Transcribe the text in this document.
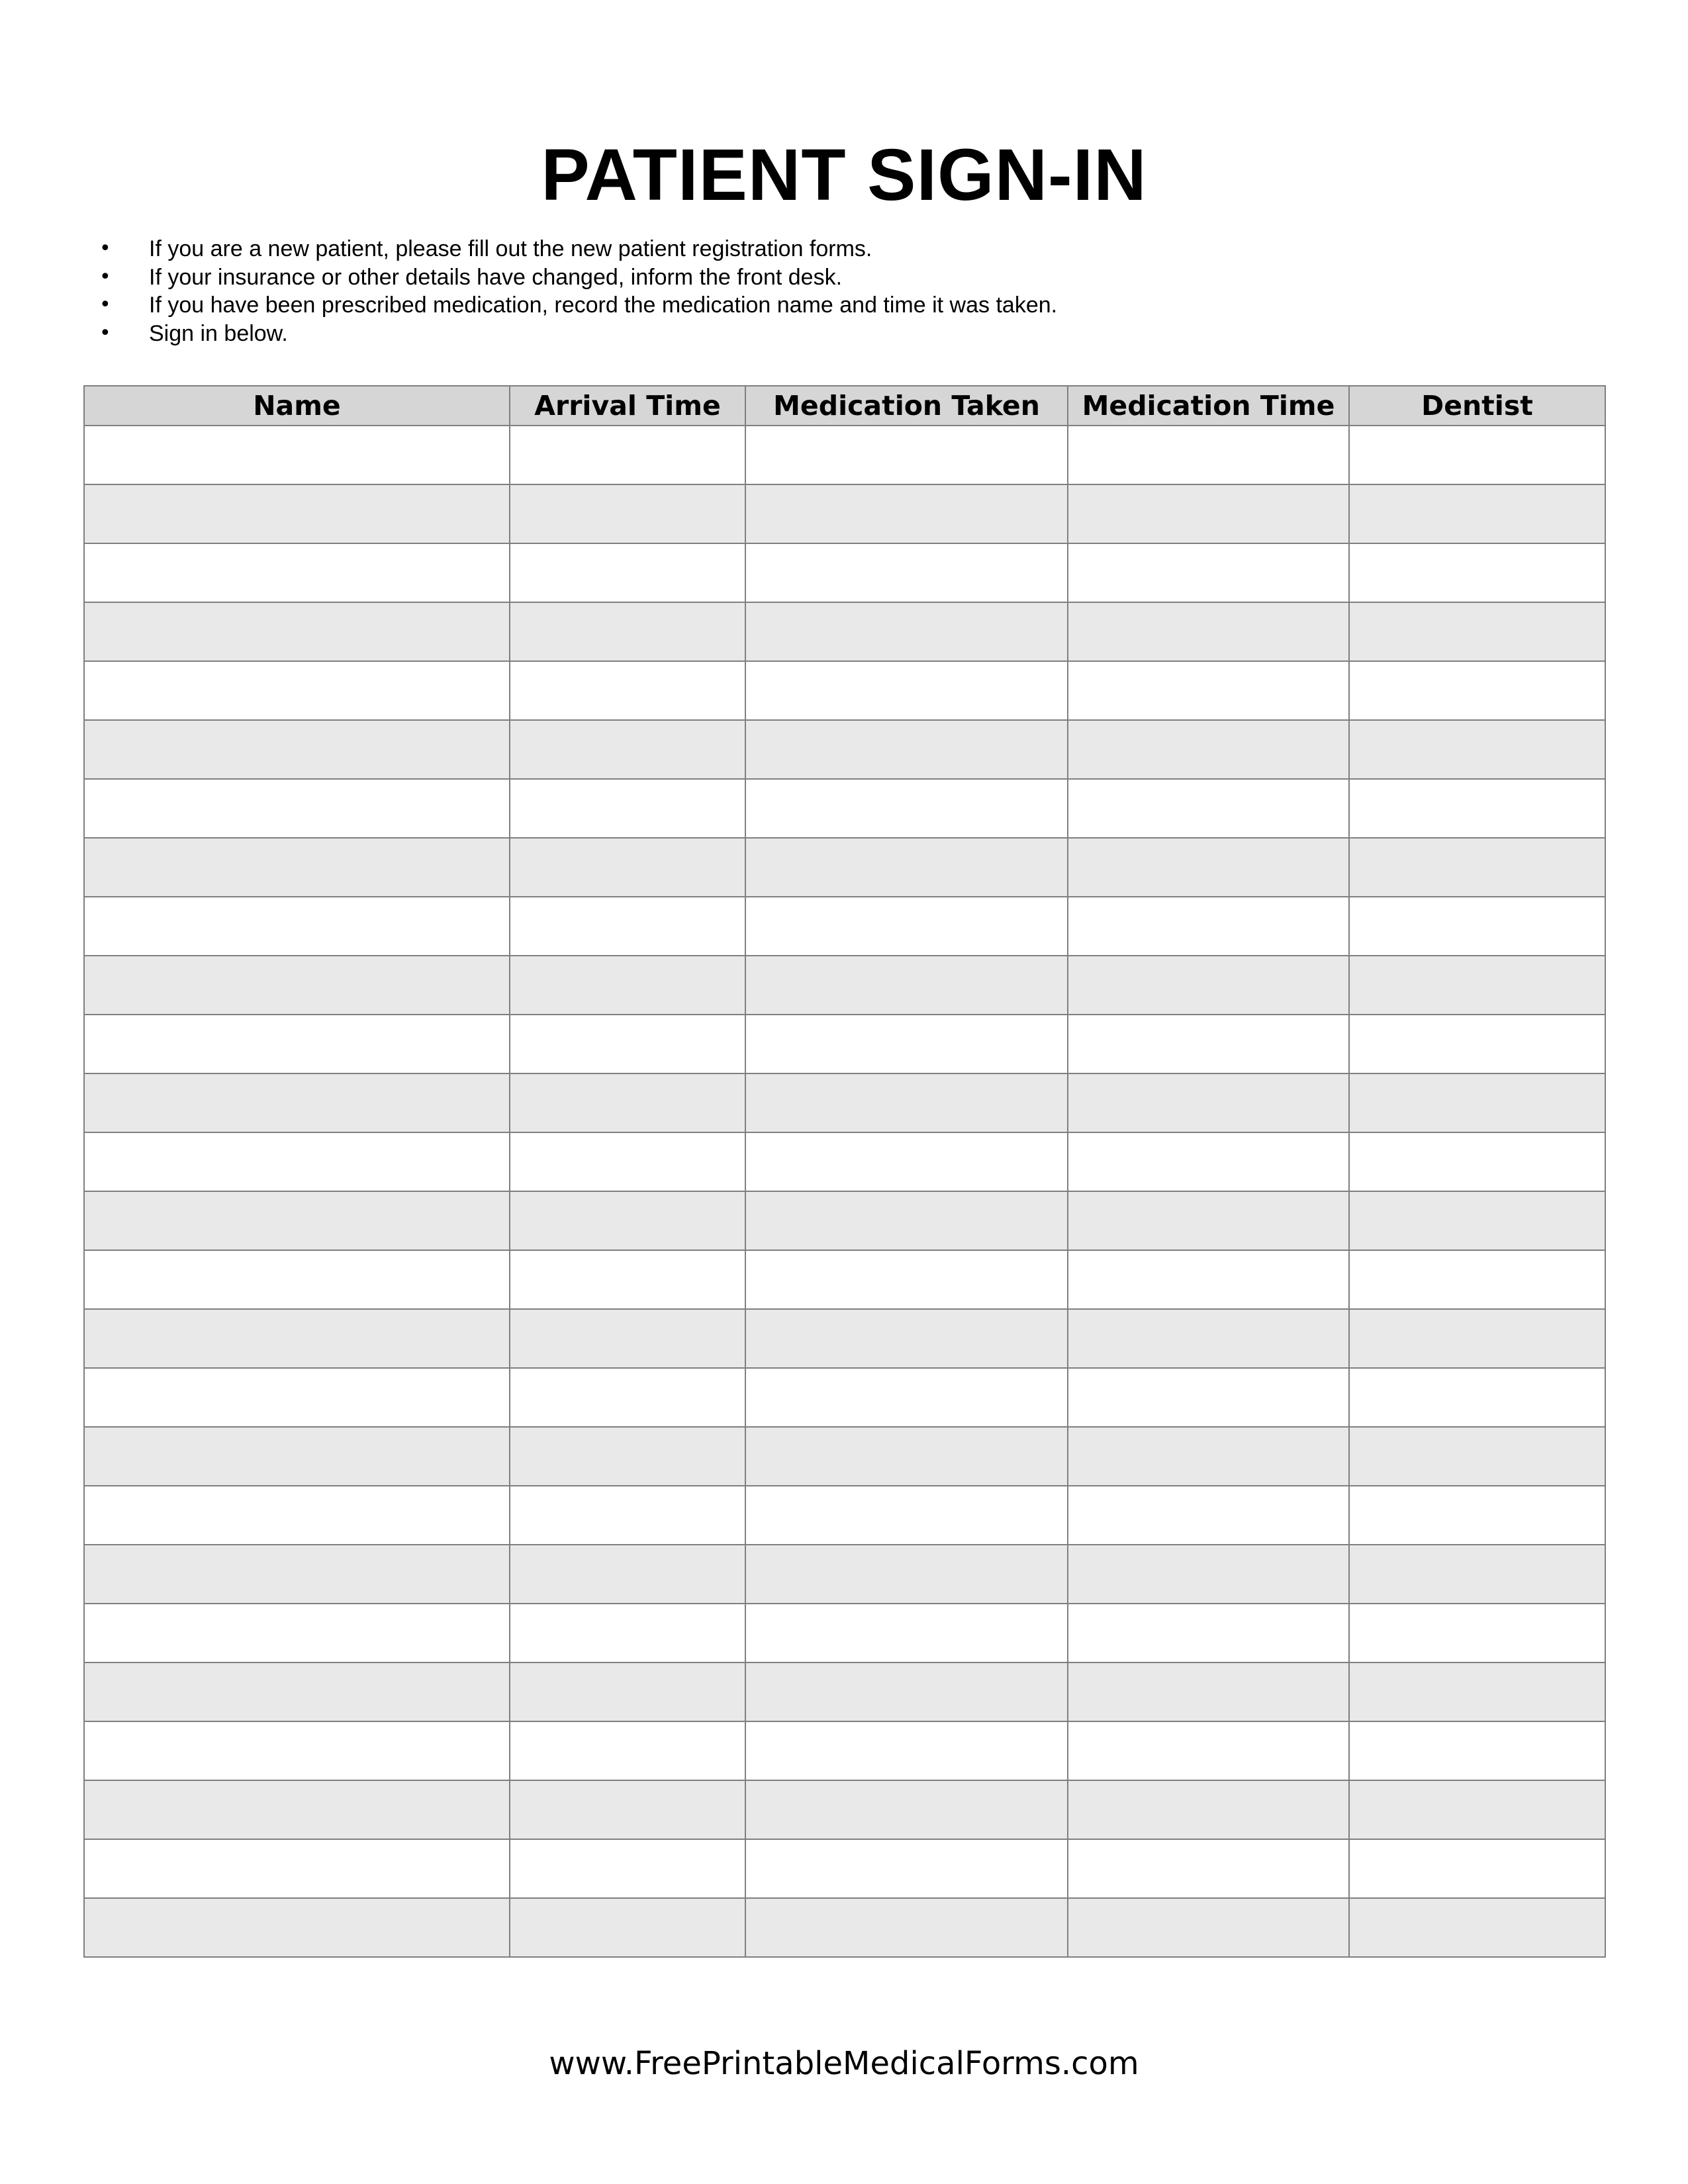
PATIENT SIGN-IN
• If you are a new patient, please fill out the new patient registration forms.
• If your insurance or other details have changed, inform the front desk.
• If you have been prescribed medication, record the medication name and time it was taken.
• Sign in below.
Name	Arrival Time	Medication Taken	Medication Time	Dentist

www.FreePrintableMedicalForms.com
